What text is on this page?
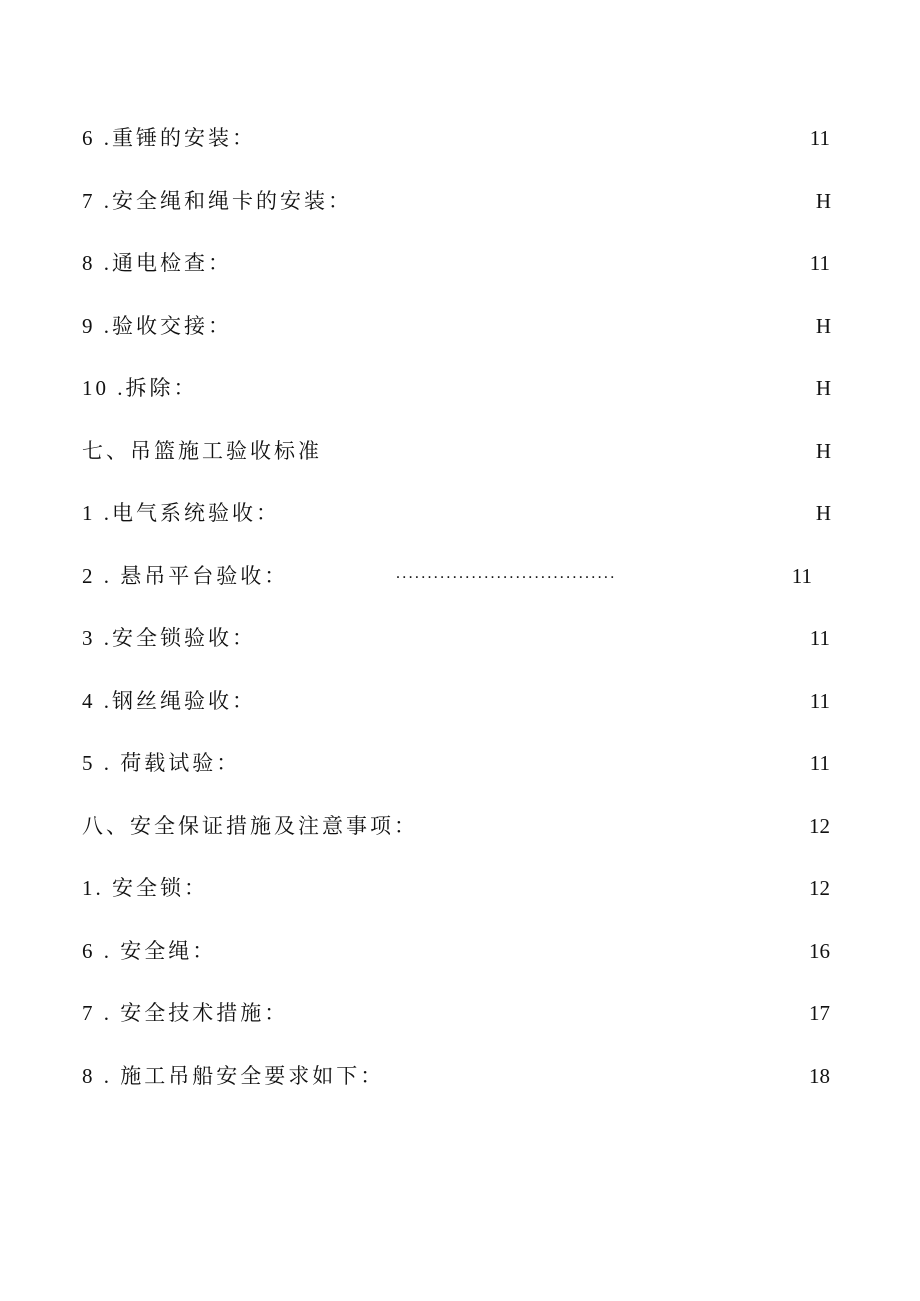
6 .重锤的安装：	11
7 .安全绳和绳卡的安装：	H
8 .通电检查：	11
9 .验收交接：	H
10 .拆除：	H
七、吊篮施工验收标准	H
1 .电气系统验收：	H
2 . 悬吊平台验收：	...................................	11
3 .安全锁验收：	11
4 .钢丝绳验收：	11
5 . 荷载试验：	11
八、安全保证措施及注意事项：	12
1. 安全锁：	12
6 . 安全绳：	16
7 . 安全技术措施：	17
8 . 施工吊船安全要求如下：	18
